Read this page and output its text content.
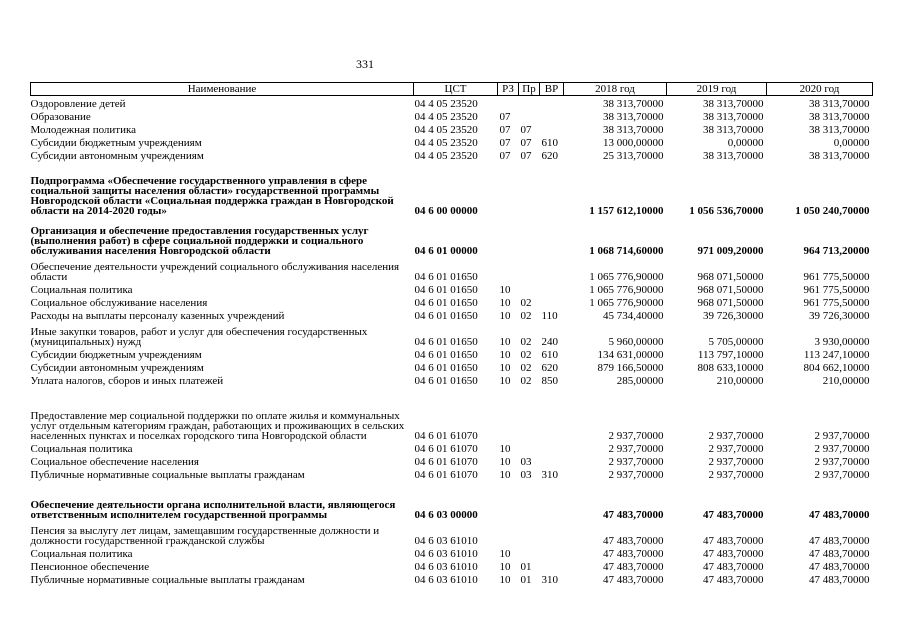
331
Наименование	ЦСТ	РЗ	Пр	ВР	2018 год	2019 год	2020 год
Оздоровление детей	04 4 05 23520				38 313,70000	38 313,70000	38 313,70000
Образование	04 4 05 23520	07			38 313,70000	38 313,70000	38 313,70000
Молодежная политика	04 4 05 23520	07	07		38 313,70000	38 313,70000	38 313,70000
Субсидии бюджетным учреждениям	04 4 05 23520	07	07	610	13 000,00000	0,00000	0,00000
Субсидии автономным учреждениям	04 4 05 23520	07	07	620	25 313,70000	38 313,70000	38 313,70000
Подпрограмма «Обеспечение государственного управления в сфере социальной защиты населения области» государственной программы Новгородской области «Социальная поддержка граждан в Новгородской области на 2014-2020 годы»	04 6 00 00000				1 157 612,10000	1 056 536,70000	1 050 240,70000
Организация и обеспечение предоставления государственных услуг (выполнения работ) в сфере социальной поддержки и социального обслуживания населения Новгородской области	04 6 01 00000				1 068 714,60000	971 009,20000	964 713,20000
Обеспечение деятельности учреждений социального обслуживания населения области	04 6 01 01650				1 065 776,90000	968 071,50000	961 775,50000
Социальная политика	04 6 01 01650	10			1 065 776,90000	968 071,50000	961 775,50000
Социальное обслуживание населения	04 6 01 01650	10	02		1 065 776,90000	968 071,50000	961 775,50000
Расходы на выплаты персоналу казенных учреждений	04 6 01 01650	10	02	110	45 734,40000	39 726,30000	39 726,30000
Иные закупки товаров, работ и услуг для обеспечения государственных (муниципальных) нужд	04 6 01 01650	10	02	240	5 960,00000	5 705,00000	3 930,00000
Субсидии бюджетным учреждениям	04 6 01 01650	10	02	610	134 631,00000	113 797,10000	113 247,10000
Субсидии автономным учреждениям	04 6 01 01650	10	02	620	879 166,50000	808 633,10000	804 662,10000
Уплата налогов, сборов и иных платежей	04 6 01 01650	10	02	850	285,00000	210,00000	210,00000
Предоставление мер социальной поддержки по оплате жилья и коммунальных услуг отдельным категориям граждан, работающих и проживающих в сельских населенных пунктах и поселках городского типа Новгородской области	04 6 01 61070				2 937,70000	2 937,70000	2 937,70000
Социальная политика	04 6 01 61070	10			2 937,70000	2 937,70000	2 937,70000
Социальное обеспечение населения	04 6 01 61070	10	03		2 937,70000	2 937,70000	2 937,70000
Публичные нормативные социальные выплаты гражданам	04 6 01 61070	10	03	310	2 937,70000	2 937,70000	2 937,70000
Обеспечение деятельности органа исполнительной власти, являющегося ответственным исполнителем государственной программы	04 6 03 00000				47 483,70000	47 483,70000	47 483,70000
Пенсия за выслугу лет лицам, замещавшим государственные должности и должности государственной гражданской службы	04 6 03 61010				47 483,70000	47 483,70000	47 483,70000
Социальная политика	04 6 03 61010	10			47 483,70000	47 483,70000	47 483,70000
Пенсионное обеспечение	04 6 03 61010	10	01		47 483,70000	47 483,70000	47 483,70000
Публичные нормативные социальные выплаты гражданам	04 6 03 61010	10	01	310	47 483,70000	47 483,70000	47 483,70000
